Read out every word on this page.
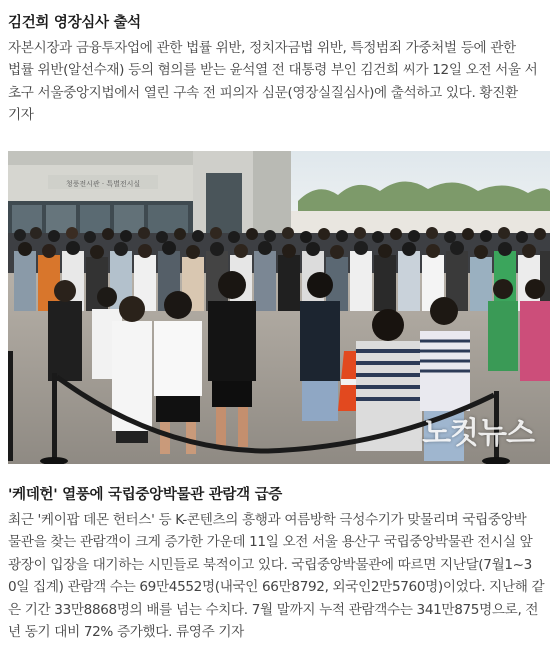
김건희 영장심사 출석
자본시장과 금융투자업에 관한 법률 위반, 정치자금법 위반, 특정범죄 가중처벌 등에 관한
법률 위반(알선수재) 등의 혐의를 받는 윤석열 전 대통령 부인 김건희 씨가 12일 오전 서울 서
초구 서울중앙지법에서 열린 구속 전 피의자 심문(영장실질심사)에 출석하고 있다. 황진환
기자
청풍전시관 · 특별전시실
노컷뉴스
'케데헌' 열풍에 국립중앙박물관 관람객 급증
최근 '케이팝 데몬 헌터스' 등 K-콘텐츠의 흥행과 여름방학 극성수기가 맞물리며 국립중앙박
물관을 찾는 관람객이 크게 증가한 가운데 11일 오전 서울 용산구 국립중앙박물관 전시실 앞
광장이 입장을 대기하는 시민들로 북적이고 있다. 국립중앙박물관에 따르면 지난달(7월1~3
0일 집계) 관람객 수는 69만4552명(내국인 66만8792, 외국인2만5760명)이었다. 지난해 같
은 기간 33만8868명의 배를 넘는 수치다. 7월 말까지 누적 관람객수는 341만875명으로, 전
년 동기 대비 72% 증가했다. 류영주 기자
